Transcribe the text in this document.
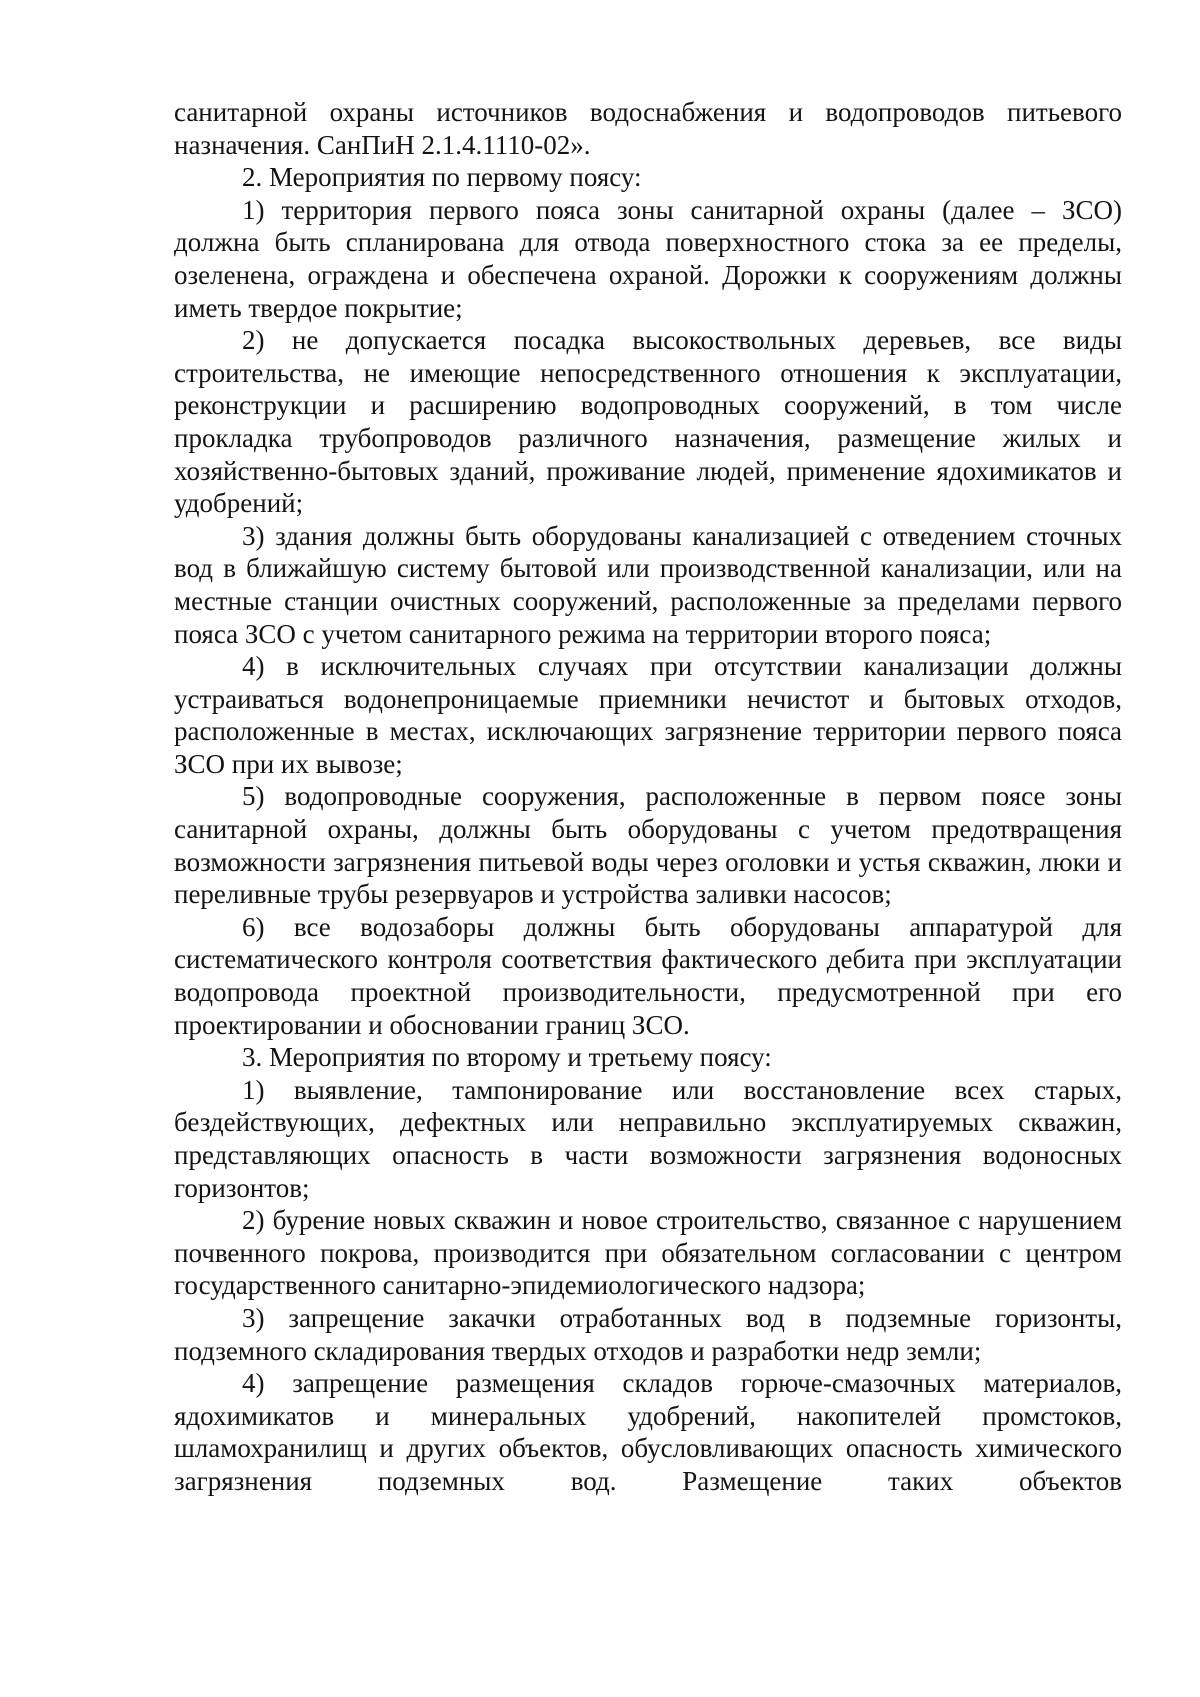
санитарной охраны источников водоснабжения и водопроводов питьевого назначения. СанПиН 2.1.4.1110-02».

2. Мероприятия по первому поясу:

1) территория первого пояса зоны санитарной охраны (далее – ЗСО) должна быть спланирована для отвода поверхностного стока за ее пределы, озеленена, ограждена и обеспечена охраной. Дорожки к сооружениям должны иметь твердое покрытие;

2) не допускается посадка высокоствольных деревьев, все виды строительства, не имеющие непосредственного отношения к эксплуатации, реконструкции и расширению водопроводных сооружений, в том числе прокладка трубопроводов различного назначения, размещение жилых и хозяйственно-бытовых зданий, проживание людей, применение ядохимикатов и удобрений;

3) здания должны быть оборудованы канализацией с отведением сточных вод в ближайшую систему бытовой или производственной канализации, или на местные станции очистных сооружений, расположенные за пределами первого пояса ЗСО с учетом санитарного режима на территории второго пояса;

4) в исключительных случаях при отсутствии канализации должны устраиваться водонепроницаемые приемники нечистот и бытовых отходов, расположенные в местах, исключающих загрязнение территории первого пояса ЗСО при их вывозе;

5) водопроводные сооружения, расположенные в первом поясе зоны санитарной охраны, должны быть оборудованы с учетом предотвращения возможности загрязнения питьевой воды через оголовки и устья скважин, люки и переливные трубы резервуаров и устройства заливки насосов;

6) все водозаборы должны быть оборудованы аппаратурой для систематического контроля соответствия фактического дебита при эксплуатации водопровода проектной производительности, предусмотренной при его проектировании и обосновании границ ЗСО.

3. Мероприятия по второму и третьему поясу:

1) выявление, тампонирование или восстановление всех старых, бездействующих, дефектных или неправильно эксплуатируемых скважин, представляющих опасность в части возможности загрязнения водоносных горизонтов;

2) бурение новых скважин и новое строительство, связанное с нарушением почвенного покрова, производится при обязательном согласовании с центром государственного санитарно-эпидемиологического надзора;

3) запрещение закачки отработанных вод в подземные горизонты, подземного складирования твердых отходов и разработки недр земли;

4) запрещение размещения складов горюче-смазочных материалов, ядохимикатов и минеральных удобрений, накопителей промстоков, шламохранилищ и других объектов, обусловливающих опасность химического загрязнения подземных вод. Размещение таких объектов
